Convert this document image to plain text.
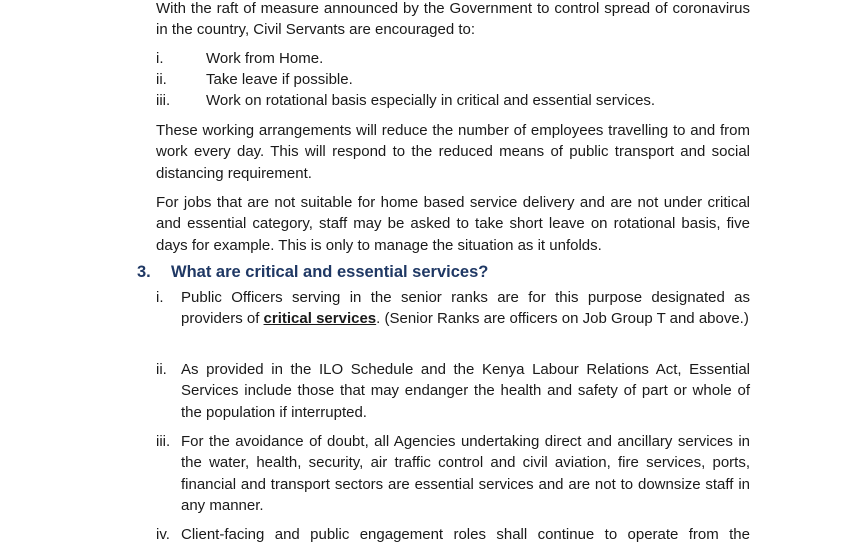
With the raft of measure announced by the Government to control spread of coronavirus in the country, Civil Servants are encouraged to:
i.	Work from Home.
ii.	Take leave if possible.
iii. Work on rotational basis especially in critical and essential services.
These working arrangements will reduce the number of employees travelling to and from work every day. This will respond to the reduced means of public transport and social distancing requirement.
For jobs that are not suitable for home based service delivery and are not under critical and essential category, staff may be asked to take short leave on rotational basis, five days for example. This is only to manage the situation as it unfolds.
3. What are critical and essential services?
i. Public Officers serving in the senior ranks are for this purpose designated as providers of critical services. (Senior Ranks are officers on Job Group T and above.)
ii. As provided in the ILO Schedule and the Kenya Labour Relations Act, Essential Services include those that may endanger the health and safety of part or whole of the population if interrupted.
iii. For the avoidance of doubt, all Agencies undertaking direct and ancillary services in the water, health, security, air traffic control and civil aviation, fire services, ports, financial and transport sectors are essential services and are not to downsize staff in any manner.
iv. Client-facing and public engagement roles shall continue to operate from the
